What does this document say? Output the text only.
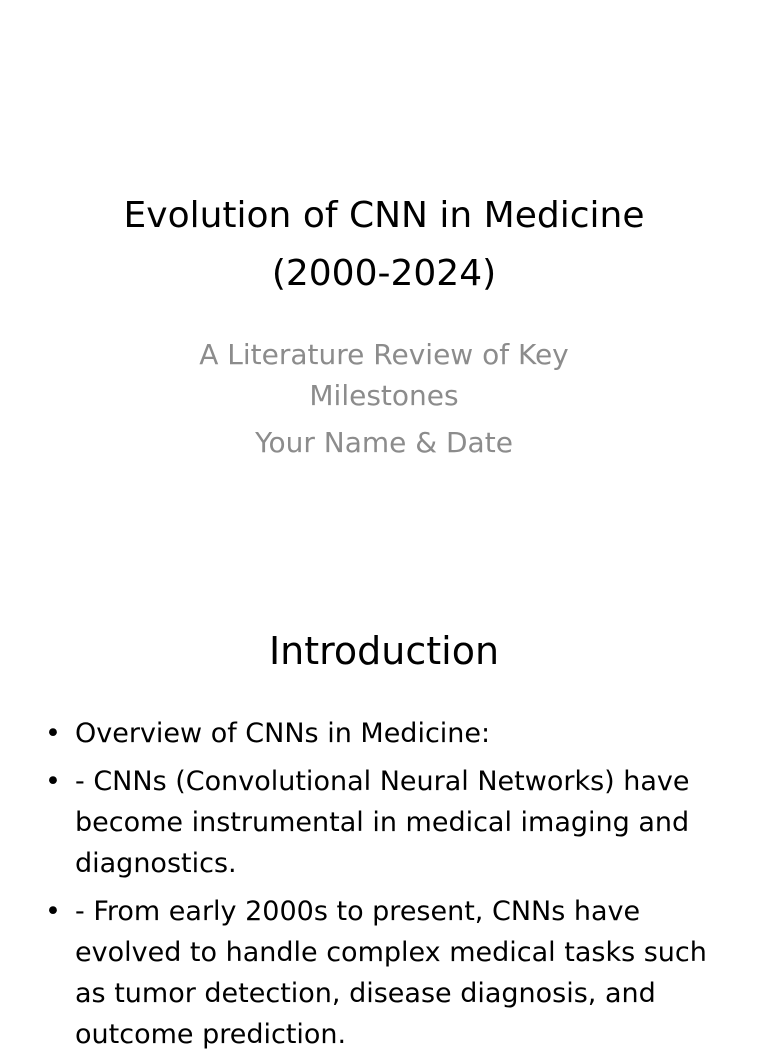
Evolution of CNN in Medicine
(2000-2024)
A Literature Review of Key
Milestones
Your Name & Date
Introduction
• Overview of CNNs in Medicine:
• - CNNs (Convolutional Neural Networks) have
become instrumental in medical imaging and
diagnostics.
• - From early 2000s to present, CNNs have
evolved to handle complex medical tasks such
as tumor detection, disease diagnosis, and
outcome prediction.
